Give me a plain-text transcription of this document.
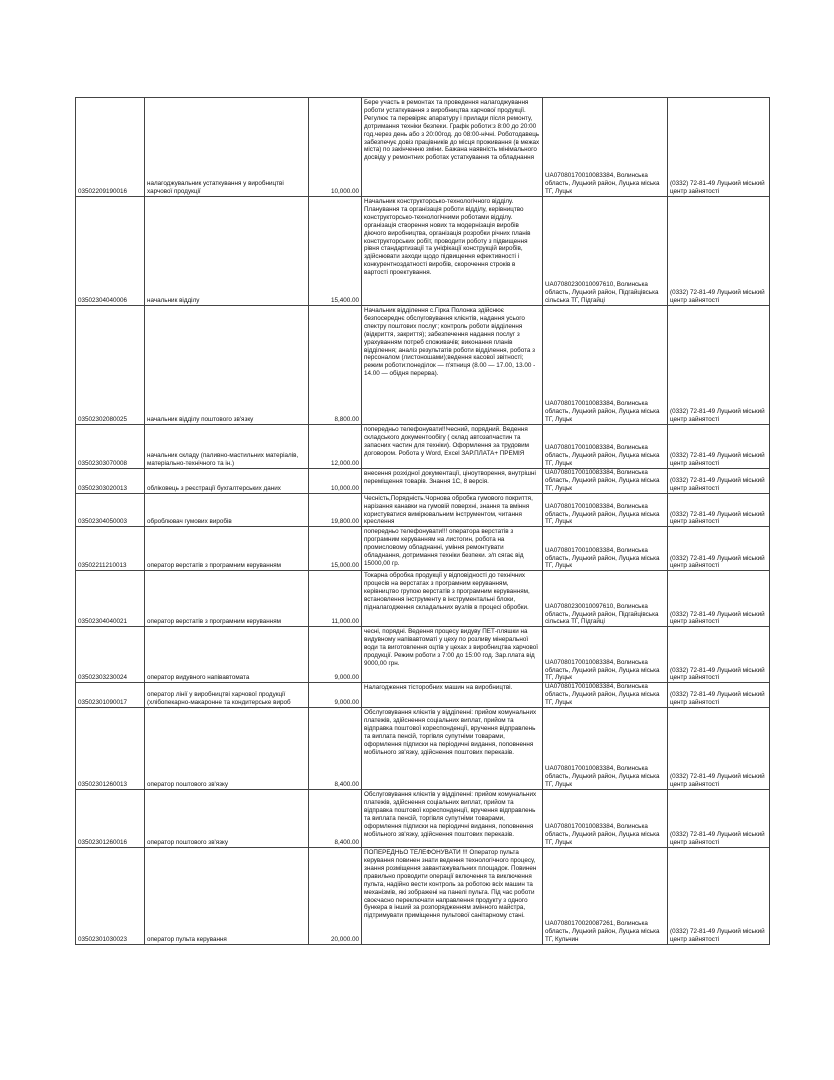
03502209190016	налагоджувальник устаткування у виробництві харчової продукції	10,000.00	Бере участь в ремонтах та проведення налагоджування роботи устаткування з виробництва харчової продукції. Регулює та перевіряє апаратуру і прилади після ремонту, дотримання техніки безпеки. Графік роботи:з 8:00 до 20:00 год.через день або з 20:00год. до 08:00-нічні. Роботодавець забезпечує довіз працівників до місця проживання (в межах міста) по закінченню зміни. Бажана наявність мінімального досвіду у ремонтних роботах устаткування та обладнання	UA07080170010083384, Волинська область, Луцький район, Луцька міська ТГ, Луцьк	(0332) 72-81-49 Луцький міський центр зайнятості
03502304040006	начальник відділу	15,400.00	Начальник конструкторсько-технологічного відділу. Планування та організація роботи відділу, керівництво конструкторсько-технологічними роботами відділу. організація створення нових та модернізація виробів діючого виробництва, організація розробки річних планів конструкторських робіт, проводити роботу з підвищення рівня стандартизації та уніфікації конструкцій виробів, здійснювати заходи щодо підвищення ефективності і конкурентноздатності виробів, скорочення строків в вартості проектування.	UA07080230010097610, Волинська область, Луцький район, Підгайцівська сільська ТГ, Підгайці	(0332) 72-81-49 Луцький міський центр зайнятості
03502302080025	начальник відділу поштового зв'язку	8,800.00	Начальник відділення с.Гірка Полонка здійснює безпосереднє обслуговування клієнтів, надання усього спектру поштових послуг; контроль роботи відділення (відкриття, закриття); забезпечення надання послуг з урахуванням потреб споживачів; виконання планів відділення; аналіз результатів роботи відділення, робота з персоналом (листоношами);ведення касової звітності; режим роботи:понеділок — п'ятниця (8.00 — 17.00, 13.00 - 14.00 — обідня перерва).	UA07080170010083384, Волинська область, Луцький район, Луцька міська ТГ, Луцьк	(0332) 72-81-49 Луцький міський центр зайнятості
03502303070008	начальник складу (паливно-мастильних матеріалів, матеріально-технічного та ін.)	12,000.00	попередньо телефонувати!!!чесний, порядний. Ведення складського документообігу ( склад автозапчастин та запасних частин для техніки). Оформлення за трудовим договором. Робота у Word, Excel ЗАР.ПЛАТА+ ПРЕМІЯ	UA07080170010083384, Волинська область, Луцький район, Луцька міська ТГ, Луцьк	(0332) 72-81-49 Луцький міський центр зайнятості
03502303020013	обліковець з реєстрації бухгалтерських даних	10,000.00	внесення розхідної документації, ціноутворення, внутрішні переміщення товарів. Знання 1С, 8 версія.	UA07080170010083384, Волинська область, Луцький район, Луцька міська ТГ, Луцьк	(0332) 72-81-49 Луцький міський центр зайнятості
03502304050003	оброблювач гумових виробів	19,800.00	Чесність,Порядність.Чорнова обробка гумового покриття, нарізання канавки на гумовій поверхні, знання та вміння користуватися вимірювальним інструментом, читання креслення	UA07080170010083384, Волинська область, Луцький район, Луцька міська ТГ, Луцьк	(0332) 72-81-49 Луцький міський центр зайнятості
03502211210013	оператор верстатів з програмним керуванням	15,000.00	попередньо телефонувати!!! оператора верстатів з програмним керуванням на листогин, робота на промисловому обладнанні, уміння ремонтувати обладнання, дотримання техніки безпеки. з/п сягає від 15000,00 гр.	UA07080170010083384, Волинська область, Луцький район, Луцька міська ТГ, Луцьк	(0332) 72-81-49 Луцький міський центр зайнятості
03502304040021	оператор верстатів з програмним керуванням	11,000.00	Токарна обробка продукції у відповідності до технічних процесів на верстатах з програмним керуванням, керівництво групою верстатів з програмним керуванням, встановлення інструменту в інструментальні блоки, підналагодження складальних вузлів в процесі обробки.	UA07080230010097610, Волинська область, Луцький район, Підгайцівська сільська ТГ, Підгайці	(0332) 72-81-49 Луцький міський центр зайнятості
03502303230024	оператор видувного напівавтомата	9,000.00	чесні, порядні. Ведення процесу видуву ПЕТ-пляшки на видувному напівавтоматі у цеху по розливу мінеральної води та виготовлення оцтів у цехах з виробництва харчової продукції. Режим роботи з 7:00 до 15:00 год. Зар.плата від 9000,00 грн.	UA07080170010083384, Волинська область, Луцький район, Луцька міська ТГ, Луцьк	(0332) 72-81-49 Луцький міський центр зайнятості
03502301090017	оператор лінії у виробництві харчової продукції (хлібопекарно-макаронне та кондитерське вироб	9,000.00	Налагодження тісторобних машин на виробництві.	UA07080170010083384, Волинська область, Луцький район, Луцька міська ТГ, Луцьк	(0332) 72-81-49 Луцький міський центр зайнятості
03502301260013	оператор поштового зв'язку	8,400.00	Обслуговування клієнтів у відділенні: прийом комунальних платежів, здійснення соціальних виплат, прийом та відправка поштової кореспонденції, вручення відправлень та виплата пенсій, торгівля супутніми товарами, оформлення підписки на періодичні видання, поповнення мобільного зв'язку, здійснення поштових переказів.	UA07080170010083384, Волинська область, Луцький район, Луцька міська ТГ, Луцьк	(0332) 72-81-49 Луцький міський центр зайнятості
03502301260016	оператор поштового зв'язку	8,400.00	Обслуговування клієнтів у відділенні: прийом комунальних платежів, здійснення соціальних виплат, прийом та відправка поштової кореспонденції, вручення відправлень та виплата пенсій, торгівля супутніми товарами, оформлення підписки на періодичні видання, поповнення мобільного зв'язку, здійснення поштових переказів.	UA07080170010083384, Волинська область, Луцький район, Луцька міська ТГ, Луцьк	(0332) 72-81-49 Луцький міський центр зайнятості
03502301030023	оператор пульта керування	20,000.00	ПОПЕРЕДНЬО ТЕЛЕФОНУВАТИ !!! Оператор пульта керування повинен знати ведення технологічного процесу, знання розміщення завантажувальних площадок. Повинен правильно проводити операції включення та виключення пульта, надійно вести контроль за роботою всіх машин та механізмів, які зображені на панелі пульта. Під час роботи своєчасно переключати направлення продукту з одного бункера в інший за розпорядженням змінного майстра, підтримувати приміщення пультової санітарному стані.	UA07080170020087261, Волинська область, Луцький район, Луцька міська ТГ, Кульчин	(0332) 72-81-49 Луцький міський центр зайнятості
